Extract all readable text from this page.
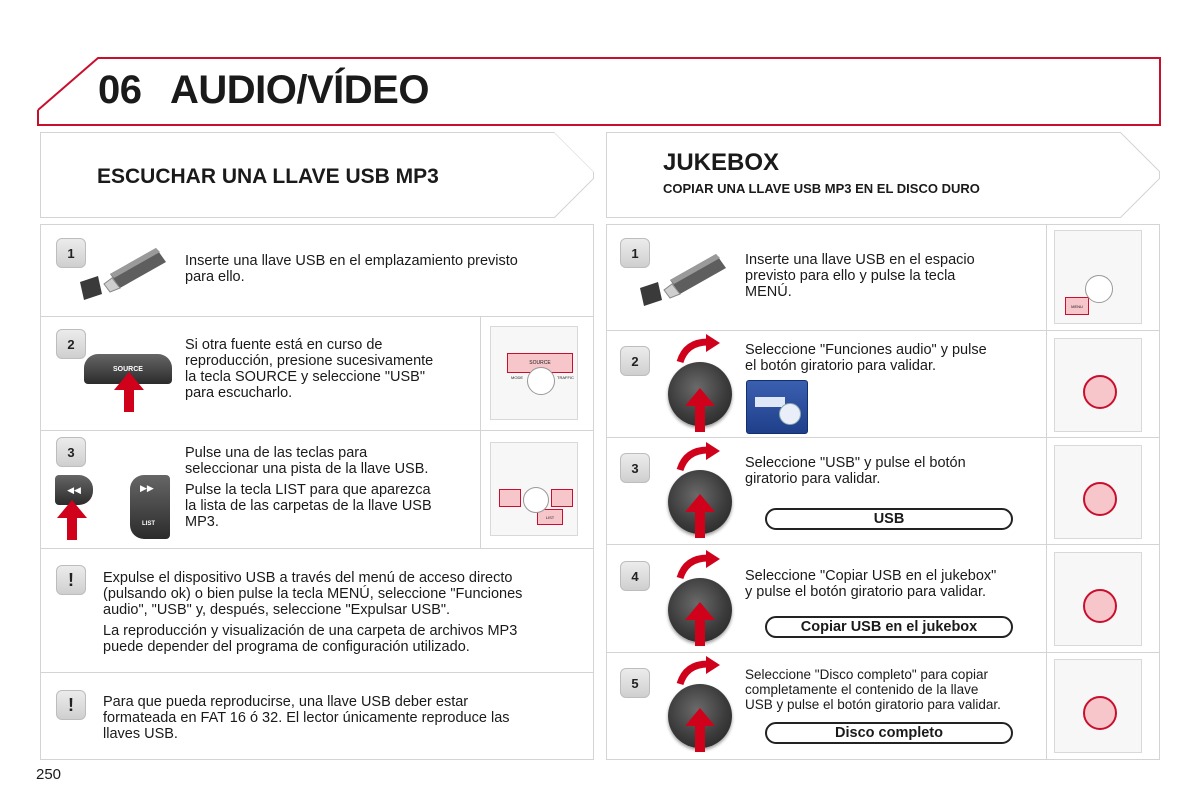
06 AUDIO/VÍDEO
ESCUCHAR UNA LLAVE USB MP3
JUKEBOX
COPIAR UNA LLAVE USB MP3 EN EL DISCO DURO
1	Inserte una llave USB en el emplazamiento previsto
para ello.
2
SOURCE
Si otra fuente está en curso de
reproducción, presione sucesivamente
la tecla SOURCE y seleccione "USB"
para escucharlo.
SOURCE
MODE	TRAFFIC
3
◀◀	▶▶
LIST
Pulse una de las teclas para
seleccionar una pista de la llave USB.
Pulse la tecla LIST para que aparezca
la lista de las carpetas de la llave USB
MP3.	LIST
!	Expulse el dispositivo USB a través del menú de acceso directo
(pulsando ok) o bien pulse la tecla MENÚ, seleccione "Funciones
audio", "USB" y, después, seleccione "Expulsar USB".
La reproducción y visualización de una carpeta de archivos MP3
puede depender del programa de configuración utilizado.
!	Para que pueda reproducirse, una llave USB deber estar
formateada en FAT 16 ó 32. El lector únicamente reproduce las
llaves USB.
1	Inserte una llave USB en el espacio
previsto para ello y pulse la tecla
MENÚ.
MENU
2
Seleccione "Funciones audio" y pulse
el botón giratorio para validar.
3	Seleccione "USB" y pulse el botón
giratorio para validar.
USB
4	Seleccione "Copiar USB en el jukebox"
y pulse el botón giratorio para validar.
Copiar USB en el jukebox
5
Seleccione "Disco completo" para copiar
completamente el contenido de la llave
USB y pulse el botón giratorio para validar.
Disco completo
250
